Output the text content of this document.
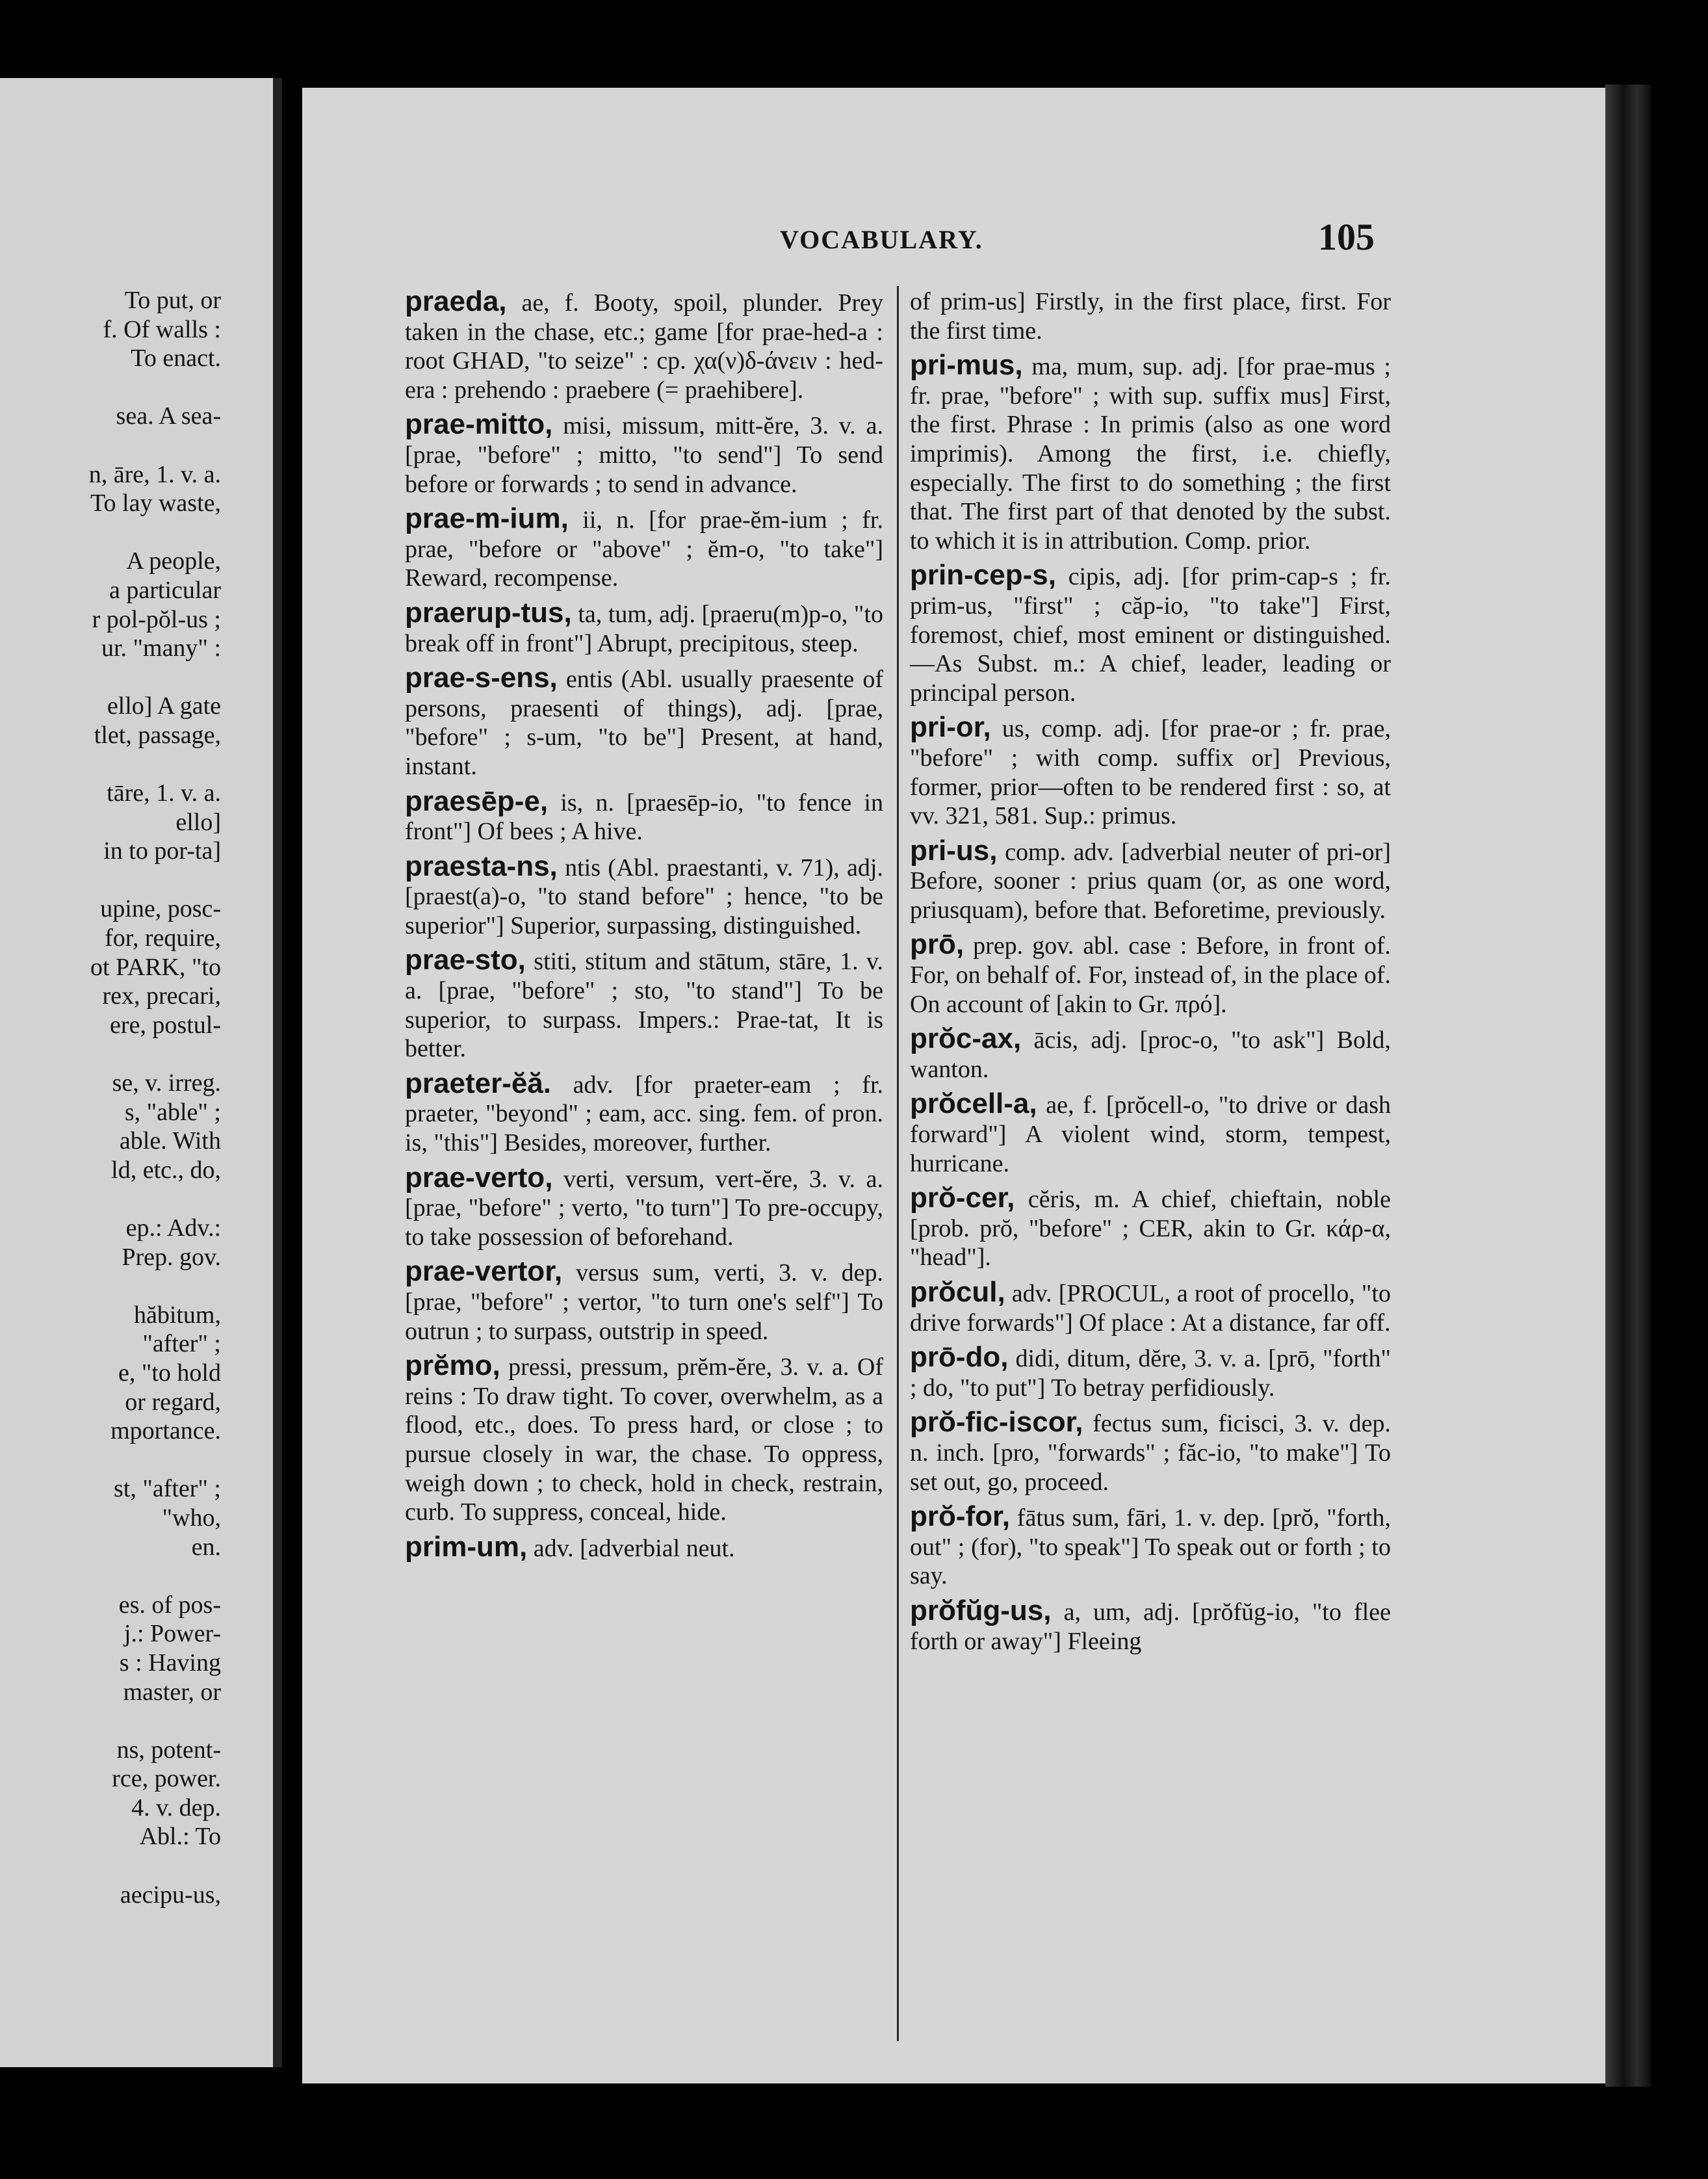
To put, or
f. Of walls :
To enact.
sea. A sea-
n, āre, 1. v. a.
To lay waste,
A people,
a particular
r pol-pŏl-us ;
ur. "many" :
ello] A gate
tlet, passage,
tāre, 1. v. a.
ello]
in to por-ta]
upine, posc-
for, require,
ot PARK, "to
rex, precari,
ere, postul-
se, v. irreg.
s, "able" ;
able. With
ld, etc., do,
ep.: Adv.:
Prep. gov.
hăbitum,
"after" ;
e, "to hold
or regard,
mportance.
st, "after" ;
"who,
en.
es. of pos-
j.: Power-
s : Having
master, or
ns, potent-
rce, power.
4. v. dep.
Abl.: To
aecipu-us,
VOCABULARY.	105
praeda, ae, f. Booty, spoil, plunder. Prey taken in the chase, etc.; game [for prae-hed-a : root GHAD, "to seize" : cp. χα(ν)δ-άνειν : hed-era : prehendo : praebere (= praehibere].
prae-mitto, misi, missum, mitt-ĕre, 3. v. a. [prae, "before" ; mitto, "to send"] To send before or forwards ; to send in advance.
prae-m-ium, ii, n. [for prae-ĕm-ium ; fr. prae, "before or "above" ; ĕm-o, "to take"] Reward, recompense.
praerup-tus, ta, tum, adj. [praeru(m)p-o, "to break off in front"] Abrupt, precipitous, steep.
prae-s-ens, entis (Abl. usually praesente of persons, praesenti of things), adj. [prae, "before" ; s-um, "to be"] Present, at hand, instant.
praesēp-e, is, n. [praesēp-io, "to fence in front"] Of bees ; A hive.
praesta-ns, ntis (Abl. praestanti, v. 71), adj. [praest(a)-o, "to stand before" ; hence, "to be superior"] Superior, surpassing, distinguished.
prae-sto, stiti, stitum and stātum, stāre, 1. v. a. [prae, "before" ; sto, "to stand"] To be superior, to surpass. Impers.: Prae-tat, It is better.
praeter-ĕă. adv. [for praeter-eam ; fr. praeter, "beyond" ; eam, acc. sing. fem. of pron. is, "this"] Besides, moreover, further.
prae-verto, verti, versum, vert-ĕre, 3. v. a. [prae, "before" ; verto, "to turn"] To pre-occupy, to take possession of beforehand.
prae-vertor, versus sum, verti, 3. v. dep. [prae, "before" ; vertor, "to turn one's self"] To outrun ; to surpass, outstrip in speed.
prĕmo, pressi, pressum, prĕm-ĕre, 3. v. a. Of reins : To draw tight. To cover, overwhelm, as a flood, etc., does. To press hard, or close ; to pursue closely in war, the chase. To oppress, weigh down ; to check, hold in check, restrain, curb. To suppress, conceal, hide.
prim-um, adv. [adverbial neut.
of prim-us] Firstly, in the first place, first. For the first time.
pri-mus, ma, mum, sup. adj. [for prae-mus ; fr. prae, "before" ; with sup. suffix mus] First, the first. Phrase : In primis (also as one word imprimis). Among the first, i.e. chiefly, especially. The first to do something ; the first that. The first part of that denoted by the subst. to which it is in attribution. Comp. prior.
prin-cep-s, cipis, adj. [for prim-cap-s ; fr. prim-us, "first" ; căp-io, "to take"] First, foremost, chief, most eminent or distinguished.—As Subst. m.: A chief, leader, leading or principal person.
pri-or, us, comp. adj. [for prae-or ; fr. prae, "before" ; with comp. suffix or] Previous, former, prior—often to be rendered first : so, at vv. 321, 581. Sup.: primus.
pri-us, comp. adv. [adverbial neuter of pri-or] Before, sooner : prius quam (or, as one word, priusquam), before that. Beforetime, previously.
prō, prep. gov. abl. case : Before, in front of. For, on behalf of. For, instead of, in the place of. On account of [akin to Gr. πρό].
prŏc-ax, ācis, adj. [proc-o, "to ask"] Bold, wanton.
prŏcell-a, ae, f. [prŏcell-o, "to drive or dash forward"] A violent wind, storm, tempest, hurricane.
prŏ-cer, cĕris, m. A chief, chieftain, noble [prob. prŏ, "before" ; CER, akin to Gr. κάρ-α, "head"].
prŏcul, adv. [PROCUL, a root of procello, "to drive forwards"] Of place : At a distance, far off.
prō-do, didi, ditum, dĕre, 3. v. a. [prō, "forth" ; do, "to put"] To betray perfidiously.
prŏ-fic-iscor, fectus sum, ficisci, 3. v. dep. n. inch. [pro, "forwards" ; făc-io, "to make"] To set out, go, proceed.
prŏ-for, fātus sum, fāri, 1. v. dep. [prŏ, "forth, out" ; (for), "to speak"] To speak out or forth ; to say.
prŏfŭg-us, a, um, adj. [prŏfŭg-io, "to flee forth or away"] Fleeing
